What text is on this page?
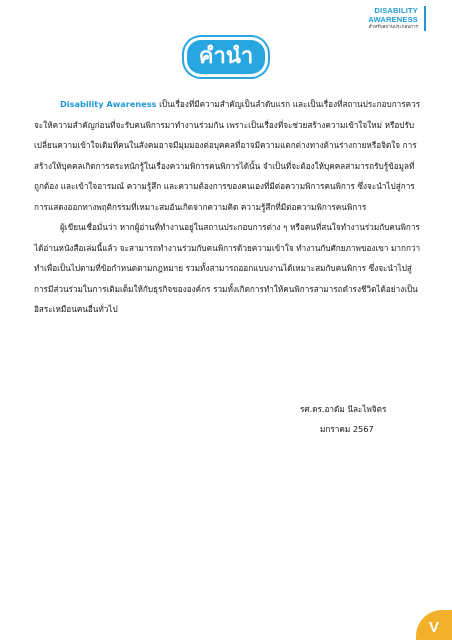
DISABILITY
AWARENESS
สำหรับสถานประกอบการ
คำนำ

Disability Awareness เป็นเรื่องที่มีความสำคัญเป็นลำดับแรก และเป็นเรื่องที่สถานประกอบการควรจะให้ความสำคัญก่อนที่จะรับคนพิการมาทำงานร่วมกัน เพราะเป็นเรื่องที่จะช่วยสร้างความเข้าใจใหม่ หรือปรับเปลี่ยนความเข้าใจเดิมที่คนในสังคมอาจมีมุมมองต่อบุคคลที่อาจมีความแตกต่างทางด้านร่างกายหรือจิตใจ การสร้างให้บุคคลเกิดการตระหนักรู้ในเรื่องความพิการคนพิการได้นั้น จำเป็นที่จะต้องให้บุคคลสามารถรับรู้ข้อมูลที่ถูกต้อง และเข้าใจอารมณ์ ความรู้สึก และความต้องการของคนเองที่มีต่อความพิการคนพิการ ซึ่งจะนำไปสู่การการแสดงออกทางพฤติกรรมที่เหมาะสมอันเกิดจากความคิด ความรู้สึกที่มีต่อความพิการคนพิการ

ผู้เขียนเชื่อมั่นว่า หากผู้อ่านที่ทำงานอยู่ในสถานประกอบการต่าง ๆ หรือคนที่สนใจทำงานร่วมกับคนพิการได้อ่านหนังสือเล่มนี้แล้ว จะสามารถทำงานร่วมกับคนพิการด้วยความเข้าใจ ทำงานกับศักยภาพของเขา มากกว่าทำเพื่อเป็นไปตามที่ข้อกำหนดตามกฎหมาย รวมทั้งสามารถออกแบบงานได้เหมาะสมกับคนพิการ ซึ่งจะนำไปสู่การมีส่วนร่วมในการเติมเต็มให้กับธุรกิจขององค์กร รวมทั้งเกิดการทำให้คนพิการสามารถดำรงชีวิตได้อย่างเป็นอิสระเหมือนคนอื่นทั่วไป

รศ.ดร.อาดัม นีละไพจิตร
มกราคม 2567
V
